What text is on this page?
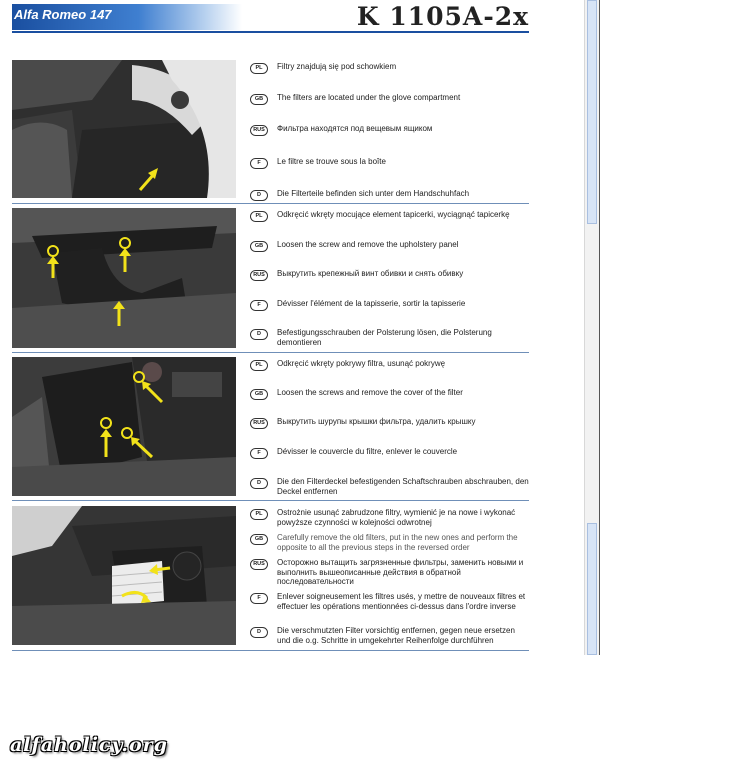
Alfa Romeo 147	K 1105A-2x
PL	Filtry znajdują się pod schowkiem
GB	The filters are located under the glove compartment
RUS	Фильтра находятся под вещевым ящиком
F	Le filtre se trouve sous la boîte
D	Die Filterteile befinden sich unter dem Handschuhfach
PL	Odkręcić wkręty mocujące element tapicerki, wyciągnąć tapicerkę
GB	Loosen the screw and remove the upholstery panel
RUS	Выкрутить крепежный винт обивки и снять обивку
F	Dévisser l'élément de la tapisserie, sortir la tapisserie
D	Befestigungsschrauben der Polsterung lösen, die Polsterung demontieren
PL	Odkręcić wkręty pokrywy filtra, usunąć pokrywę
GB	Loosen the screws and remove the cover of the filter
RUS	Выкрутить шурупы крышки фильтра, удалить крышку
F	Dévisser le couvercle du filtre, enlever le couvercle
D	Die den Filterdeckel befestigenden Schaftschrauben abschrauben, den Deckel entfernen
PL	Ostrożnie usunąć zabrudzone filtry, wymienić je na nowe i wykonać powyższe czynności w kolejności odwrotnej
GB	Carefully remove the old filters, put in the new ones and perform the opposite to all the previous steps in the reversed order
RUS	Осторожно вытащить загрязненные фильтры, заменить новыми и выполнить вышеописанные действия в обратной последовательности
F	Enlever soigneusement les filtres usés, y mettre de nouveaux filtres et effectuer les opérations mentionnées ci-dessus dans l'ordre inverse
D	Die verschmutzten Filter vorsichtig entfernen, gegen neue ersetzen und die o.g. Schritte in umgekehrter Reihenfolge durchführen
alfaholicy.org
